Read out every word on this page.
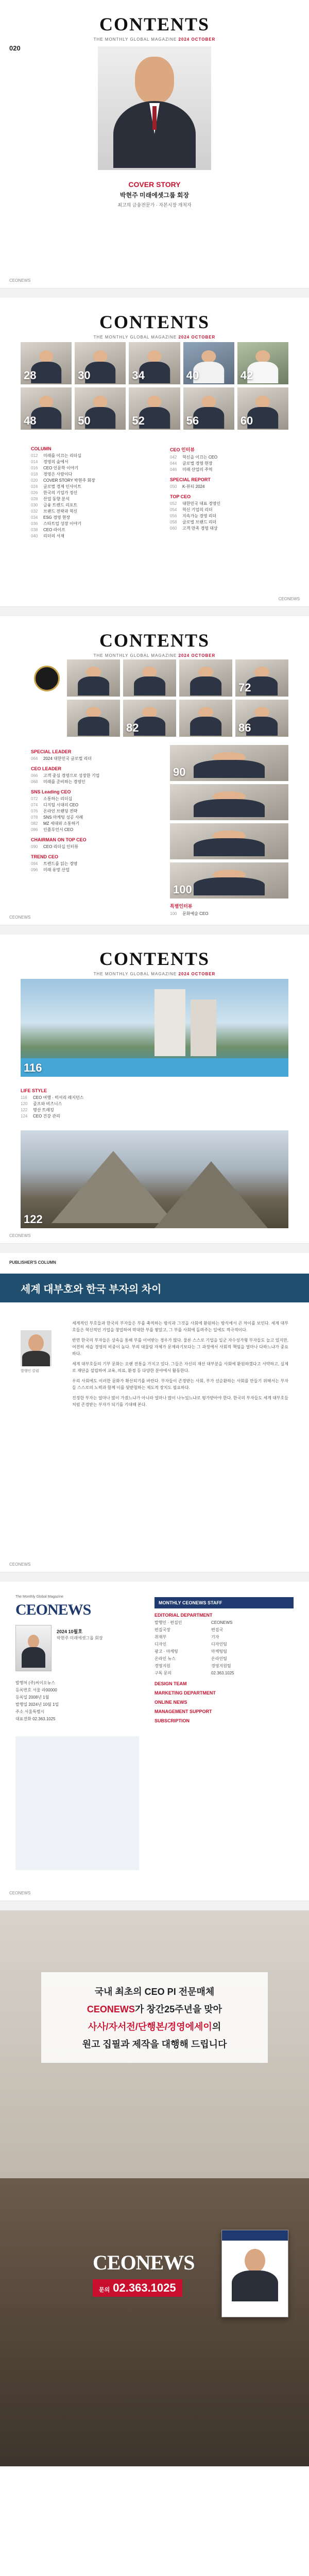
CONTENTS
THE MONTHLY GLOBAL MAGAZINE 2024 OCTOBER
020
COVER STORY
박현주 미래에셋그룹 회장
최고의 금융전문가 · 자본시장 개척자
CEONEWS
CONTENTS
THE MONTHLY GLOBAL MAGAZINE 2024 OCTOBER
28	30	34	40	42
48	50	52	56	60
COLUMN
012	미래를 이끄는 리더십
014	경영의 숲에서
016	CEO 인문학 이야기
018	경영은 사람이다
020	COVER STORY 박현주 회장
024	글로벌 경제 인사이트
026	한국의 기업가 정신
028	산업 동향 분석
030	금융 트렌드 리포트
032	브랜드 전략과 혁신
034	ESG 경영 현장
036	스타트업 성장 이야기
038	CEO 라이프
040	리더의 서재
CEO 인터뷰
042	혁신을 이끄는 CEO
044	글로벌 경영 현장
046	미래 산업의 주역
SPECIAL REPORT
050	K-뷰티 2024
TOP CEO
052	대한민국 대표 경영인
054	혁신 기업의 리더
056	지속가능 경영 리더
058	글로벌 브랜드 리더
060	고객 만족 경영 대상
CEONEWS
CONTENTS
THE MONTHLY GLOBAL MAGAZINE 2024 OCTOBER
72
82	86
SPECIAL LEADER
064	2024 대한민국 글로벌 리더
CEO LEADER
066	고객 중심 경영으로 성장한 기업
068	미래를 준비하는 경영인
SNS Leading CEO
072	소통하는 리더십
074	디지털 시대의 CEO
076	온라인 브랜딩 전략
078	SNS 마케팅 성공 사례
082	MZ 세대와 소통하기
086	인플루언서 CEO
CHAIRMAN ON TOP CEO
090	CEO 리더십 인터뷰
TREND CEO
094	트렌드를 읽는 경영
096	미래 유망 산업
90
100
특별인터뷰
100	문화예술 CEO
CEONEWS
CONTENTS
THE MONTHLY GLOBAL MAGAZINE 2024 OCTOBER
116
LIFE STYLE
116	CEO 여행 · 럭셔리 레지던스
120	골프와 비즈니스
122	명산 트레킹
124	CEO 건강 관리
122
CEONEWS
PUBLISHER'S COLUMN
세계 대부호와 한국 부자의 차이
발행인 칼럼

세계적인 부호들과 한국의 부자들은 부를 축적하는 방식과 그것을 사회에 환원하는 방식에서 큰 차이를 보인다. 세계 대부호들은 혁신적인 기업을 창업하여 막대한 부를 쌓았고, 그 부를 사회에 돌려주는 일에도 적극적이다.

반면 한국의 부자들은 상속을 통해 부를 이어받는 경우가 많다. 물론 스스로 기업을 일군 자수성가형 부자들도 늘고 있지만, 여전히 세습 경영의 비중이 높다. 부의 대물림 자체가 문제라기보다는 그 과정에서 사회적 책임을 얼마나 다하느냐가 중요하다.

세계 대부호들의 기부 문화는 오랜 전통을 가지고 있다. 그들은 자신의 재산 대부분을 사회에 환원하겠다고 서약하고, 실제로 재단을 설립하여 교육, 의료, 환경 등 다양한 분야에서 활동한다.

우리 사회에도 이러한 문화가 확산되기를 바란다. 부자들이 존경받는 사회, 부가 선순환하는 사회를 만들기 위해서는 부자들 스스로의 노력과 함께 이를 뒷받침하는 제도적 장치도 필요하다.

진정한 부자는 얼마나 많이 가졌느냐가 아니라 얼마나 많이 나누었느냐로 평가받아야 한다. 한국의 부자들도 세계 대부호들처럼 존경받는 부자가 되기를 기대해 본다.

CEONEWS
The Monthly Global Magazine
CEONEWS
2024 10월호
박현주 미래에셋그룹 회장
발행처 (주)씨이오뉴스
등록번호 서울 라00000
등록일 2008년 1월
발행일 2024년 10월 1일
주소 서울특별시
대표전화 02.363.1025
MONTHLY CEONEWS STAFF
EDITORIAL DEPARTMENT
발행인 · 편집인	CEONEWS
편집국장	편집국
취재부	기자
디자인	디자인팀
광고 · 마케팅	마케팅팀
온라인 뉴스	온라인팀
경영지원	경영지원팀
구독 문의	02.363.1025
DESIGN TEAM
MARKETING DEPARTMENT
ONLINE NEWS
MANAGEMENT SUPPORT
SUBSCRIPTION
CEONEWS
국내 최초의 CEO PI 전문매체
CEONEWS가 창간25주년을 맞아
사사/자서전/단행본/경영에세이의
원고 집필과 제작을 대행해 드립니다
CEONEWS
문의 02.363.1025
